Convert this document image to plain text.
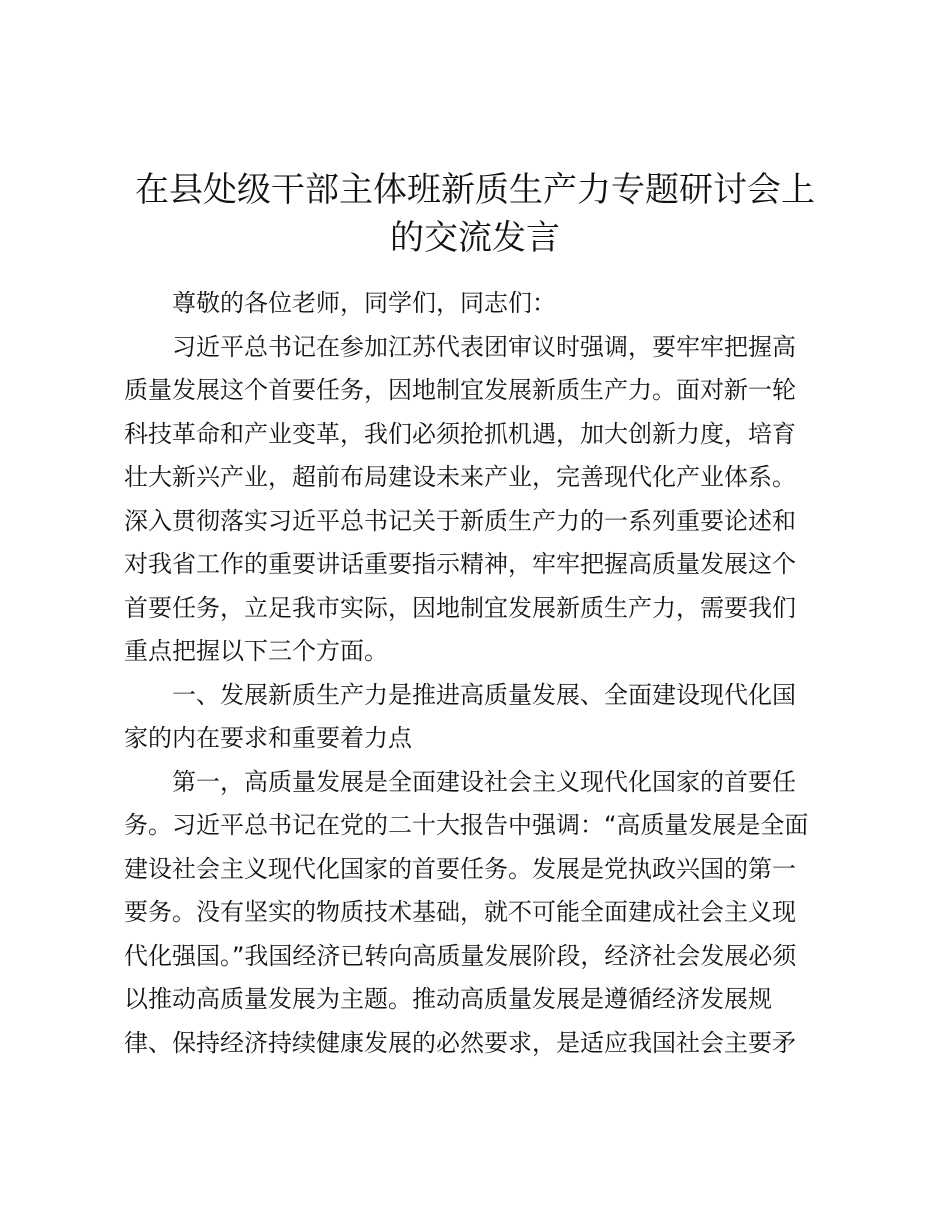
在县处级干部主体班新质生产力专题研讨会上
的交流发言
尊敬的各位老师，同学们，同志们：
习近平总书记在参加江苏代表团审议时强调，要牢牢把握高
质量发展这个首要任务，因地制宜发展新质生产力。面对新一轮
科技革命和产业变革，我们必须抢抓机遇，加大创新力度，培育
壮大新兴产业，超前布局建设未来产业，完善现代化产业体系。
深入贯彻落实习近平总书记关于新质生产力的一系列重要论述和
对我省工作的重要讲话重要指示精神，牢牢把握高质量发展这个
首要任务，立足我市实际，因地制宜发展新质生产力，需要我们
重点把握以下三个方面。
一、发展新质生产力是推进高质量发展、全面建设现代化国
家的内在要求和重要着力点
第一，高质量发展是全面建设社会主义现代化国家的首要任
务。习近平总书记在党的二十大报告中强调：“高质量发展是全面
建设社会主义现代化国家的首要任务。发展是党执政兴国的第一
要务。没有坚实的物质技术基础，就不可能全面建成社会主义现
代化强国。”我国经济已转向高质量发展阶段，经济社会发展必须
以推动高质量发展为主题。推动高质量发展是遵循经济发展规
律、保持经济持续健康发展的必然要求，是适应我国社会主要矛
